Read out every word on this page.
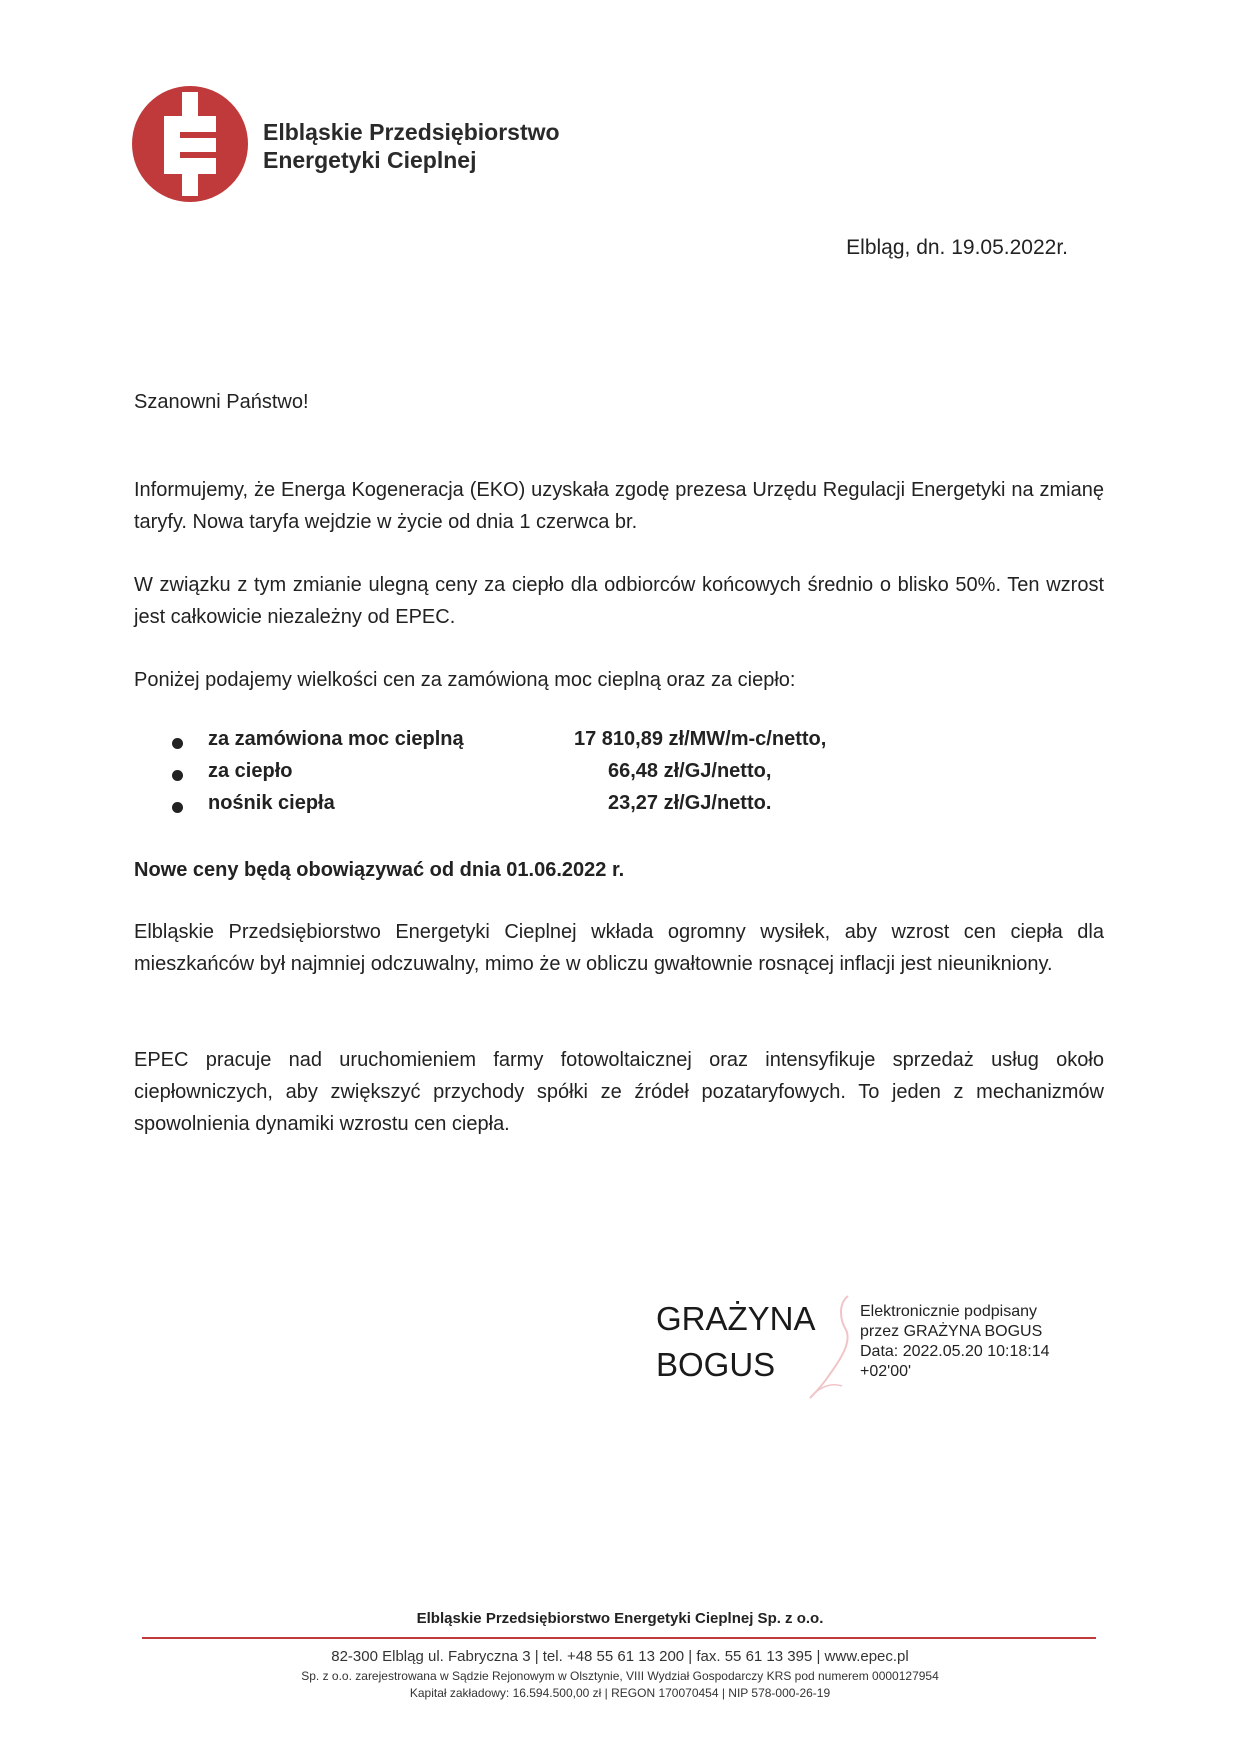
Elbląskie Przedsiębiorstwo
Energetyki Cieplnej
Elbląg, dn. 19.05.2022r.
Szanowni Państwo!
Informujemy, że Energa Kogeneracja (EKO) uzyskała zgodę prezesa Urzędu Regulacji Energetyki na zmianę taryfy. Nowa taryfa wejdzie w życie od dnia 1 czerwca br.
W związku z tym zmianie ulegną ceny za ciepło dla odbiorców końcowych średnio o blisko 50%. Ten wzrost jest całkowicie niezależny od EPEC.
Poniżej podajemy wielkości cen za zamówioną moc cieplną oraz za ciepło:
za zamówiona moc cieplną	17 810,89 zł/MW/m-c/netto,
za ciepło	66,48 zł/GJ/netto,
nośnik ciepła	23,27 zł/GJ/netto.
Nowe ceny będą obowiązywać od dnia 01.06.2022 r.
Elbląskie Przedsiębiorstwo Energetyki Cieplnej wkłada ogromny wysiłek, aby wzrost cen ciepła dla mieszkańców był najmniej odczuwalny, mimo że w obliczu gwałtownie rosnącej inflacji jest nieunikniony.
EPEC pracuje nad uruchomieniem farmy fotowoltaicznej oraz intensyfikuje sprzedaż usług około ciepłowniczych, aby zwiększyć przychody spółki ze źródeł pozataryfowych. To jeden z mechanizmów spowolnienia dynamiki wzrostu cen ciepła.
GRAŻYNA
BOGUS
Elektronicznie podpisany
przez GRAŻYNA BOGUS
Data: 2022.05.20 10:18:14
+02'00'
Elbląskie Przedsiębiorstwo Energetyki Cieplnej Sp. z o.o.
82-300 Elbląg ul. Fabryczna 3 | tel. +48 55 61 13 200 | fax. 55 61 13 395 | www.epec.pl
Sp. z o.o. zarejestrowana w Sądzie Rejonowym w Olsztynie, VIII Wydział Gospodarczy KRS pod numerem 0000127954
Kapitał zakładowy: 16.594.500,00 zł | REGON 170070454 | NIP 578-000-26-19
